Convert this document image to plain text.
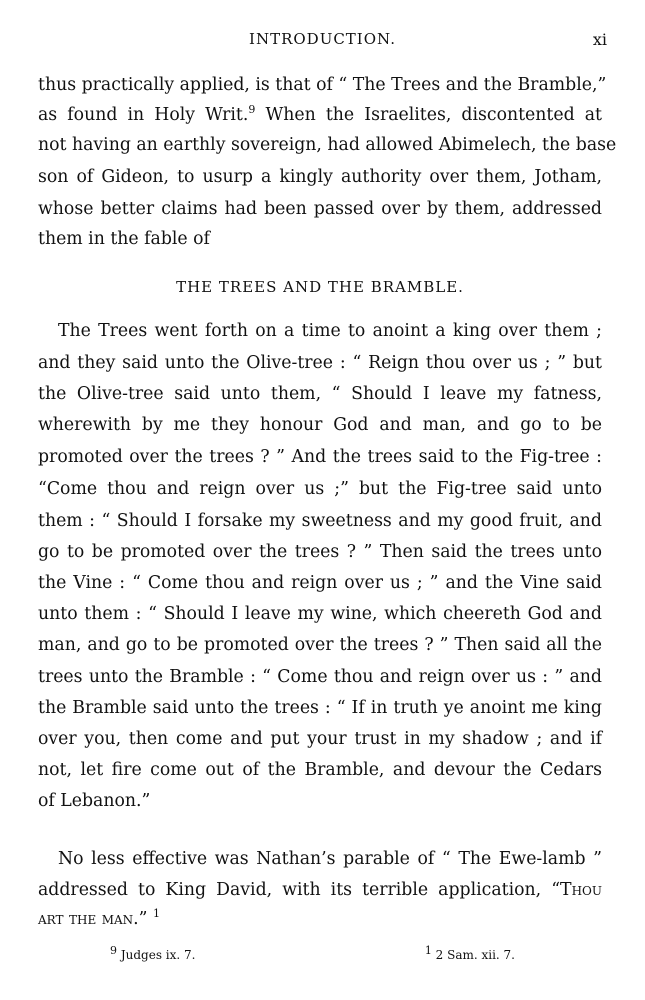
INTRODUCTION.	xi
thus practically applied, is that of “ The Trees and the Bramble,”
as found in Holy Writ.$^9$ When the Israelites, discontented at
not having an earthly sovereign, had allowed Abimelech, the base
son of Gideon, to usurp a kingly authority over them, Jotham,
whose better claims had been passed over by them, addressed
them in the fable of
THE TREES AND THE BRAMBLE.
The Trees went forth on a time to anoint a king over them ;
and they said unto the Olive-tree : “ Reign thou over us ; ” but
the Olive-tree said unto them, “ Should I leave my fatness,
wherewith by me they honour God and man, and go to be
promoted over the trees ? ” And the trees said to the Fig-tree :
“Come thou and reign over us ;” but the Fig-tree said unto
them : “ Should I forsake my sweetness and my good fruit, and
go to be promoted over the trees ? ” Then said the trees unto
the Vine : “ Come thou and reign over us ; ” and the Vine said
unto them : “ Should I leave my wine, which cheereth God and
man, and go to be promoted over the trees ? ” Then said all the
trees unto the Bramble : “ Come thou and reign over us : ” and
the Bramble said unto the trees : “ If in truth ye anoint me king
over you, then come and put your trust in my shadow ; and if
not, let fire come out of the Bramble, and devour the Cedars
of Lebanon.”
No less effective was Nathan’s parable of “ The Ewe-lamb ”
addressed to King David, with its terrible application, “Thou
art the man.” $^1$
9 Judges ix. 7.	1 2 Sam. xii. 7.
